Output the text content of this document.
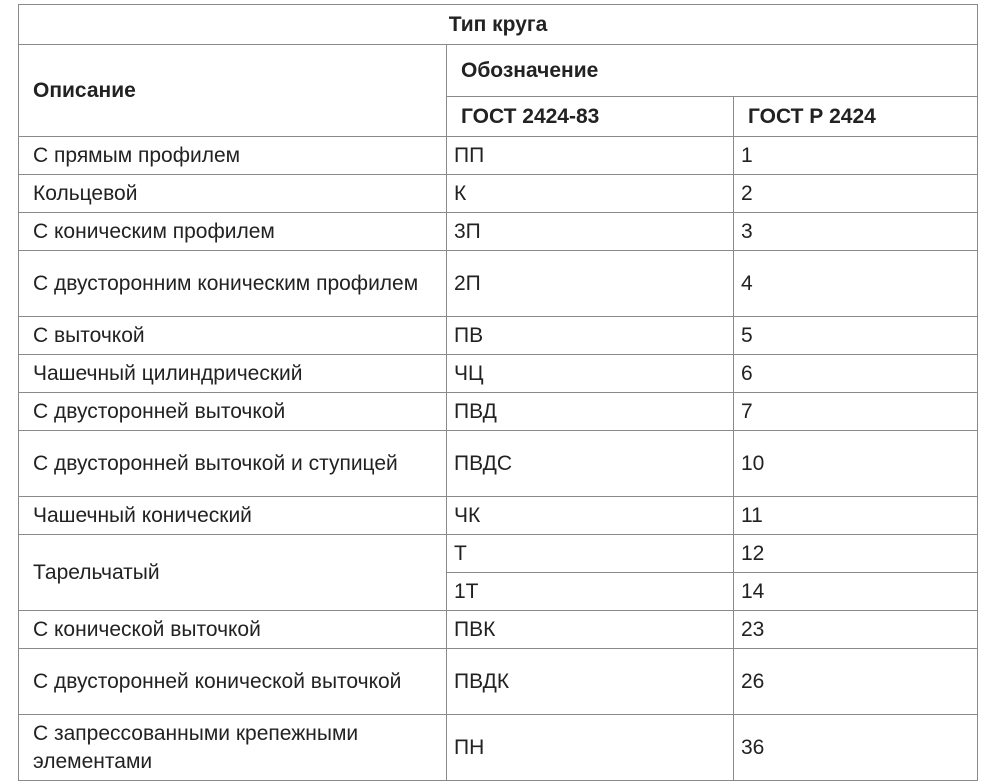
Тип круга		
Описание	Обозначение	
	ГОСТ 2424-83	ГОСТ Р 2424
С прямым профилем	ПП	1
Кольцевой	К	2
С коническим профилем	3П	3
С двусторонним коническим профилем	2П	4
С выточкой	ПВ	5
Чашечный цилиндрический	ЧЦ	6
С двусторонней выточкой	ПВД	7
С двусторонней выточкой и ступицей	ПВДС	10
Чашечный конический	ЧК	11
Тарельчатый	Т	12
	1Т	14
С конической выточкой	ПВК	23
С двусторонней конической выточкой	ПВДК	26
С запрессованными крепежными элементами	ПН	36
